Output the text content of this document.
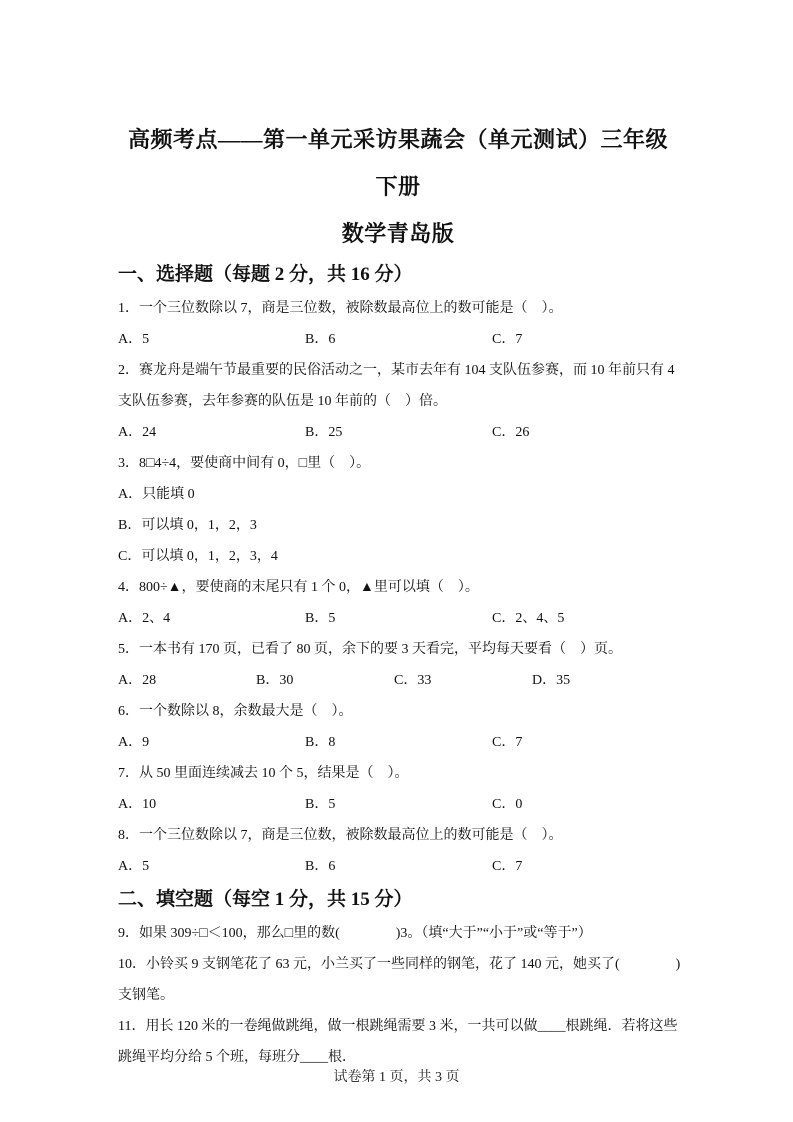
高频考点——第一单元采访果蔬会（单元测试）三年级下册
数学青岛版
一、选择题（每题 2 分，共 16 分）

1．一个三位数除以 7，商是三位数，被除数最高位上的数可能是（　）。

A．5	B．6	C．7

2．赛龙舟是端午节最重要的民俗活动之一，某市去年有 104 支队伍参赛，而 10 年前只有 4

支队伍参赛，去年参赛的队伍是 10 年前的（　）倍。

A．24	B．25	C．26

3．8□4÷4，要使商中间有 0，□里（　）。

A．只能填 0

B．可以填 0，1，2，3

C．可以填 0，1，2，3，4

4．800÷▲，要使商的末尾只有 1 个 0，▲里可以填（　）。

A．2、4	B．5	C．2、4、5

5．一本书有 170 页，已看了 80 页，余下的要 3 天看完，平均每天要看（　）页。

A．28	B．30	C．33	D．35

6．一个数除以 8，余数最大是（　）。

A．9	B．8	C．7

7．从 50 里面连续减去 10 个 5，结果是（　）。

A．10	B．5	C．0

8．一个三位数除以 7，商是三位数，被除数最高位上的数可能是（　）。

A．5	B．6	C．7
二、填空题（每空 1 分，共 15 分）

9．如果 309÷□＜100，那么□里的数(　　　　)3。（填“大于”“小于”或“等于”）

10．小铃买 9 支钢笔花了 63 元，小兰买了一些同样的钢笔，花了 140 元，她买了(　　　　)

支钢笔。

11．用长 120 米的一卷绳做跳绳，做一根跳绳需要 3 米，一共可以做____根跳绳．若将这些

跳绳平均分给 5 个班，每班分____根．

试卷第 1 页，共 3 页
